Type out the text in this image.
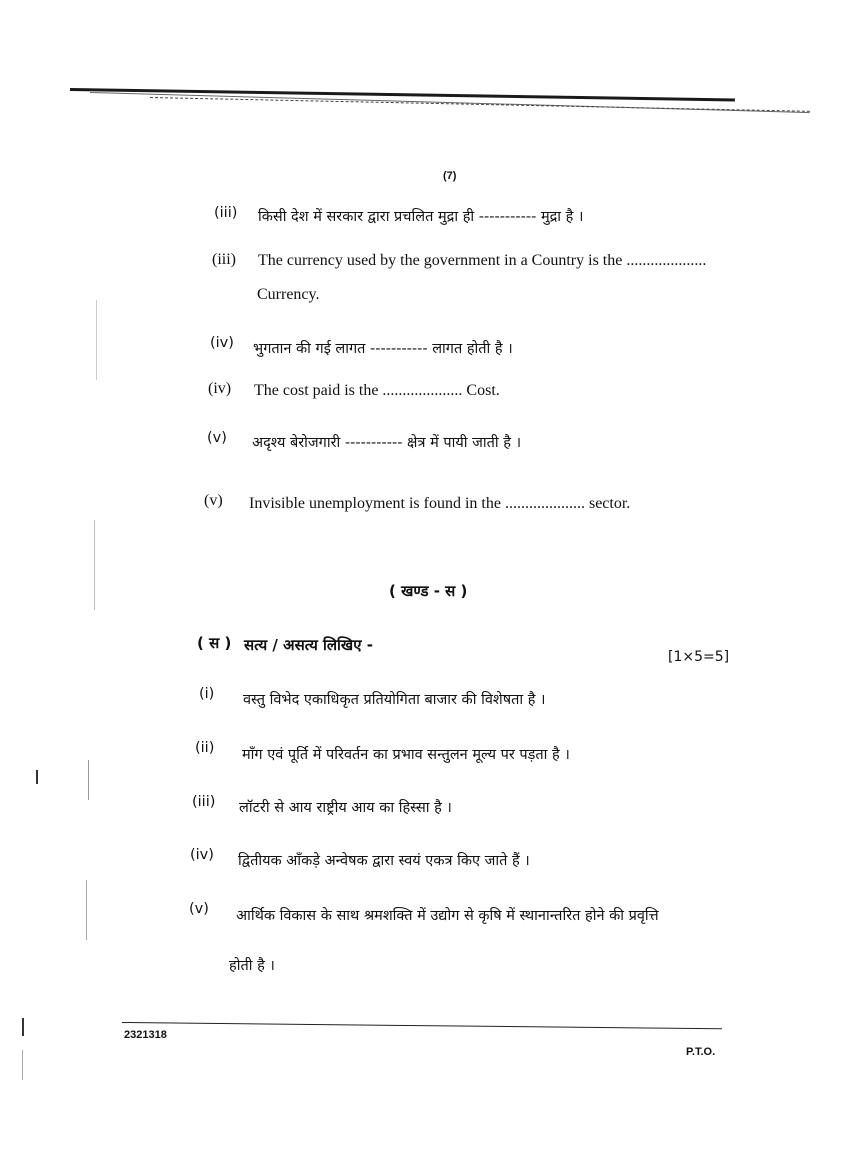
(7)
(iii) किसी देश में सरकार द्वारा प्रचलित मुद्रा ही ----------- मुद्रा है ।
(iii) The currency used by the government in a Country is the ....................
Currency.
(iv) भुगतान की गई लागत ----------- लागत होती है ।
(iv) The cost paid is the .................... Cost.
(v) अदृश्य बेरोजगारी ----------- क्षेत्र में पायी जाती है ।
(v) Invisible unemployment is found in the .................... sector.
( खण्ड - स )
( स ) सत्य / असत्य लिखिए -
[1×5=5]
(i) वस्तु विभेद एकाधिकृत प्रतियोगिता बाजार की विशेषता है ।
(ii) माँग एवं पूर्ति में परिवर्तन का प्रभाव सन्तुलन मूल्य पर पड़ता है ।
(iii) लॉटरी से आय राष्ट्रीय आय का हिस्सा है ।
(iv) द्वितीयक आँकड़े अन्वेषक द्वारा स्वयं एकत्र किए जाते हैं ।
(v) आर्थिक विकास के साथ श्रमशक्ति में उद्योग से कृषि में स्थानान्तरित होने की प्रवृत्ति
होती है ।
2321318
P.T.O.
